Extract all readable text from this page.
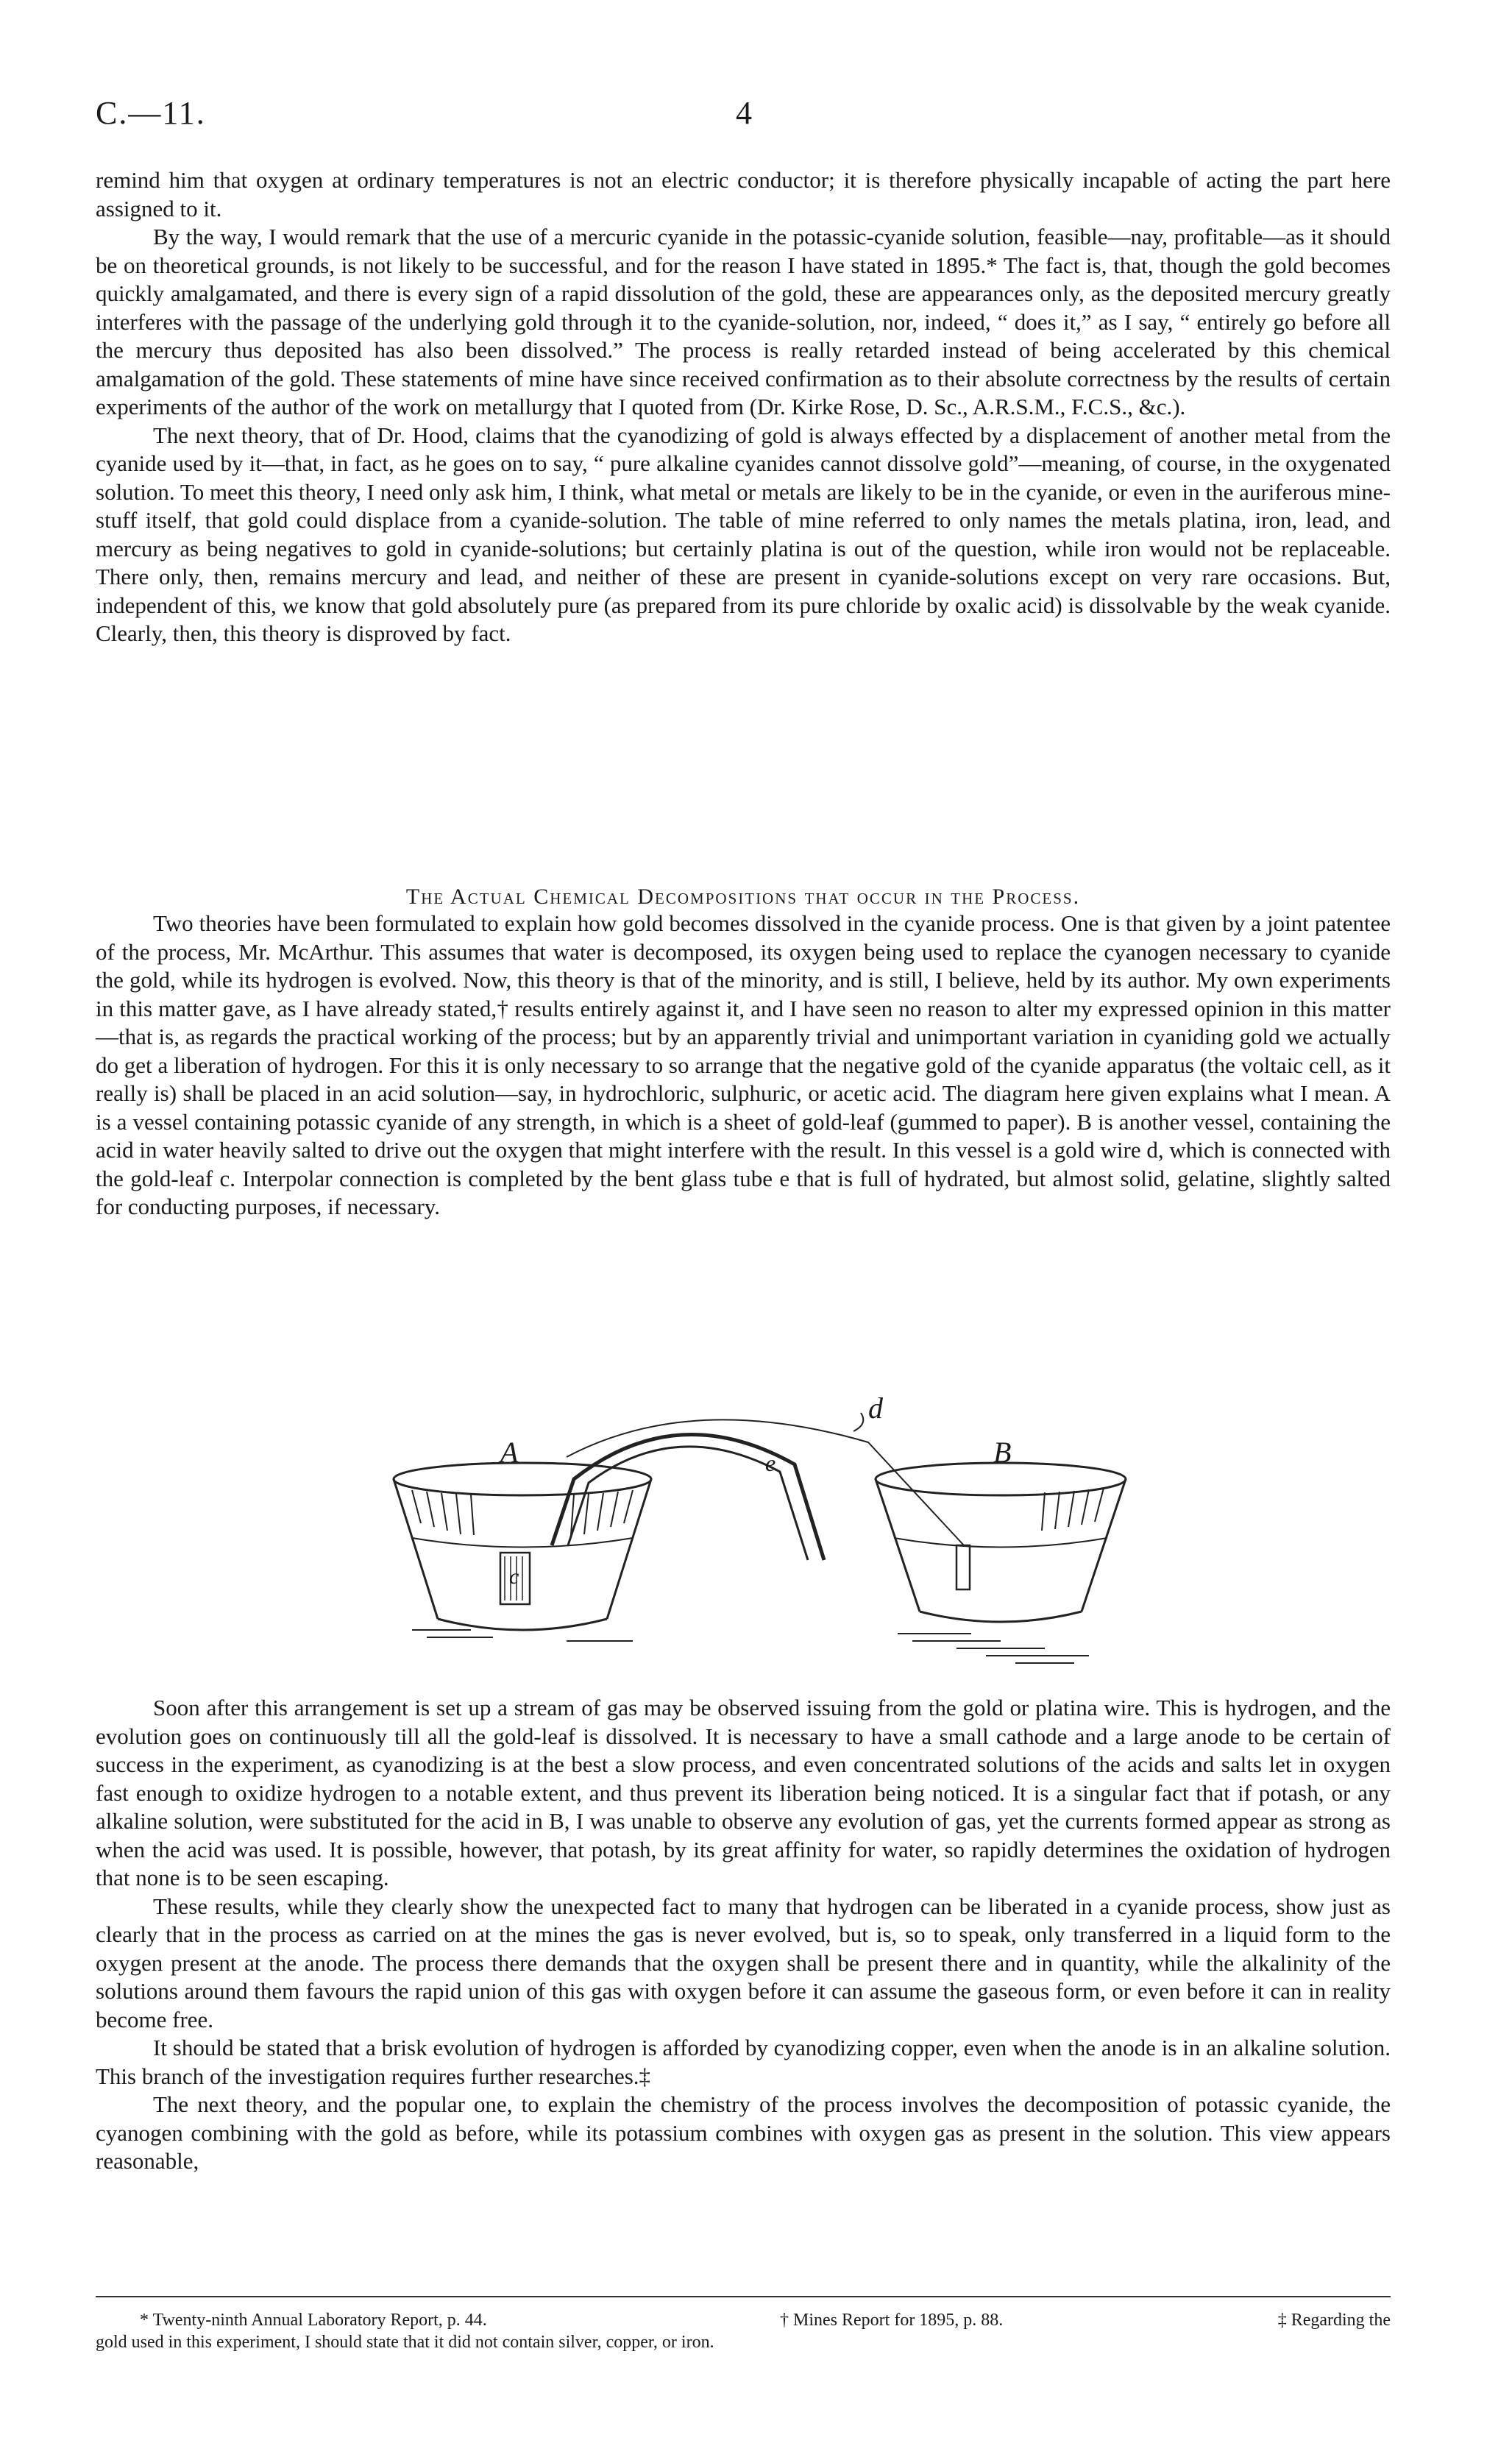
C.—11.	4

remind him that oxygen at ordinary temperatures is not an electric conductor; it is therefore physically incapable of acting the part here assigned to it.

By the way, I would remark that the use of a mercuric cyanide in the potassic-cyanide solution, feasible—nay, profitable—as it should be on theoretical grounds, is not likely to be successful, and for the reason I have stated in 1895.* The fact is, that, though the gold becomes quickly amalgamated, and there is every sign of a rapid dissolution of the gold, these are appearances only, as the deposited mercury greatly interferes with the passage of the underlying gold through it to the cyanide-solution, nor, indeed, “ does it,” as I say, “ entirely go before all the mercury thus deposited has also been dissolved.” The process is really retarded instead of being accelerated by this chemical amalgamation of the gold. These statements of mine have since received confirmation as to their absolute correctness by the results of certain experiments of the author of the work on metallurgy that I quoted from (Dr. Kirke Rose, D. Sc., A.R.S.M., F.C.S., &c.).

The next theory, that of Dr. Hood, claims that the cyanodizing of gold is always effected by a displacement of another metal from the cyanide used by it—that, in fact, as he goes on to say, “ pure alkaline cyanides cannot dissolve gold”—meaning, of course, in the oxygenated solution. To meet this theory, I need only ask him, I think, what metal or metals are likely to be in the cyanide, or even in the auriferous mine-stuff itself, that gold could displace from a cyanide-solution. The table of mine referred to only names the metals platina, iron, lead, and mercury as being negatives to gold in cyanide-solutions; but certainly platina is out of the question, while iron would not be replaceable. There only, then, remains mercury and lead, and neither of these are present in cyanide-solutions except on very rare occasions. But, independent of this, we know that gold absolutely pure (as prepared from its pure chloride by oxalic acid) is dissolvable by the weak cyanide. Clearly, then, this theory is disproved by fact.

The Actual Chemical Decompositions that occur in the Process.

Two theories have been formulated to explain how gold becomes dissolved in the cyanide process. One is that given by a joint patentee of the process, Mr. McArthur. This assumes that water is decomposed, its oxygen being used to replace the cyanogen necessary to cyanide the gold, while its hydrogen is evolved. Now, this theory is that of the minority, and is still, I believe, held by its author. My own experiments in this matter gave, as I have already stated,† results entirely against it, and I have seen no reason to alter my expressed opinion in this matter—that is, as regards the practical working of the process; but by an apparently trivial and unimportant variation in cyaniding gold we actually do get a liberation of hydrogen. For this it is only necessary to so arrange that the negative gold of the cyanide apparatus (the voltaic cell, as it really is) shall be placed in an acid solution—say, in hydrochloric, sulphuric, or acetic acid. The diagram here given explains what I mean. A is a vessel containing potassic cyanide of any strength, in which is a sheet of gold-leaf (gummed to paper). B is another vessel, containing the acid in water heavily salted to drive out the oxygen that might interfere with the result. In this vessel is a gold wire d, which is connected with the gold-leaf c. Interpolar connection is completed by the bent glass tube e that is full of hydrated, but almost solid, gelatine, slightly salted for conducting purposes, if necessary.

A	B
c
d
e

Soon after this arrangement is set up a stream of gas may be observed issuing from the gold or platina wire. This is hydrogen, and the evolution goes on continuously till all the gold-leaf is dissolved. It is necessary to have a small cathode and a large anode to be certain of success in the experiment, as cyanodizing is at the best a slow process, and even concentrated solutions of the acids and salts let in oxygen fast enough to oxidize hydrogen to a notable extent, and thus prevent its liberation being noticed. It is a singular fact that if potash, or any alkaline solution, were substituted for the acid in B, I was unable to observe any evolution of gas, yet the currents formed appear as strong as when the acid was used. It is possible, however, that potash, by its great affinity for water, so rapidly determines the oxidation of hydrogen that none is to be seen escaping.

These results, while they clearly show the unexpected fact to many that hydrogen can be liberated in a cyanide process, show just as clearly that in the process as carried on at the mines the gas is never evolved, but is, so to speak, only transferred in a liquid form to the oxygen present at the anode. The process there demands that the oxygen shall be present there and in quantity, while the alkalinity of the solutions around them favours the rapid union of this gas with oxygen before it can assume the gaseous form, or even before it can in reality become free.

It should be stated that a brisk evolution of hydrogen is afforded by cyanodizing copper, even when the anode is in an alkaline solution. This branch of the investigation requires further researches.‡

The next theory, and the popular one, to explain the chemistry of the process involves the decomposition of potassic cyanide, the cyanogen combining with the gold as before, while its potassium combines with oxygen gas as present in the solution. This view appears reasonable,

* Twenty-ninth Annual Laboratory Report, p. 44.	† Mines Report for 1895, p. 88.	‡ Regarding the
gold used in this experiment, I should state that it did not contain silver, copper, or iron.
